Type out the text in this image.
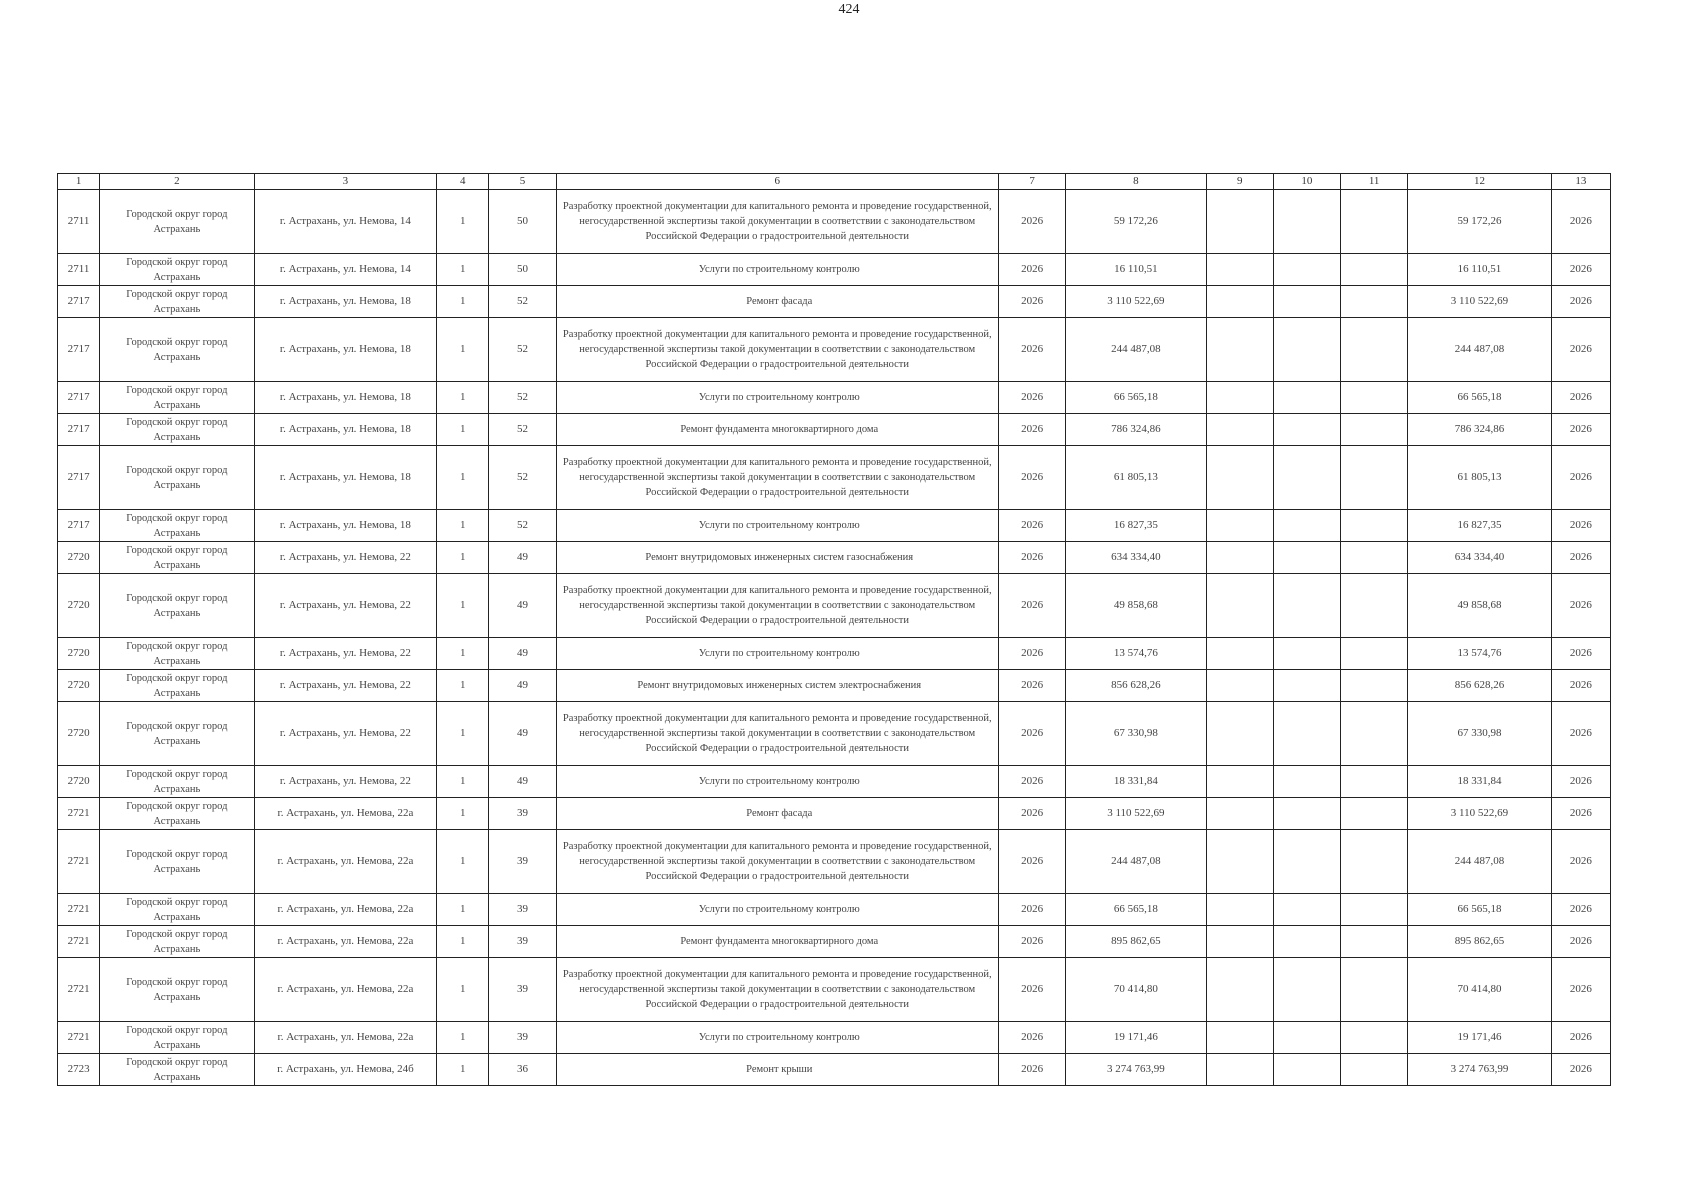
424
1	2	3	4	5	6	7	8	9	10	11	12	13
2711	Городской округ город Астрахань	г. Астрахань, ул. Немова, 14	1	50	Разработку проектной документации для капитального ремонта и проведение государственной, негосударственной экспертизы такой документации в соответствии с законодательством Российской Федерации о градостроительной деятельности	2026	59 172,26				59 172,26	2026
2711	Городской округ город Астрахань	г. Астрахань, ул. Немова, 14	1	50	Услуги по строительному контролю	2026	16 110,51				16 110,51	2026
2717	Городской округ город Астрахань	г. Астрахань, ул. Немова, 18	1	52	Ремонт фасада	2026	3 110 522,69				3 110 522,69	2026
2717	Городской округ город Астрахань	г. Астрахань, ул. Немова, 18	1	52	Разработку проектной документации для капитального ремонта и проведение государственной, негосударственной экспертизы такой документации в соответствии с законодательством Российской Федерации о градостроительной деятельности	2026	244 487,08				244 487,08	2026
2717	Городской округ город Астрахань	г. Астрахань, ул. Немова, 18	1	52	Услуги по строительному контролю	2026	66 565,18				66 565,18	2026
2717	Городской округ город Астрахань	г. Астрахань, ул. Немова, 18	1	52	Ремонт фундамента многоквартирного дома	2026	786 324,86				786 324,86	2026
2717	Городской округ город Астрахань	г. Астрахань, ул. Немова, 18	1	52	Разработку проектной документации для капитального ремонта и проведение государственной, негосударственной экспертизы такой документации в соответствии с законодательством Российской Федерации о градостроительной деятельности	2026	61 805,13				61 805,13	2026
2717	Городской округ город Астрахань	г. Астрахань, ул. Немова, 18	1	52	Услуги по строительному контролю	2026	16 827,35				16 827,35	2026
2720	Городской округ город Астрахань	г. Астрахань, ул. Немова, 22	1	49	Ремонт внутридомовых инженерных систем газоснабжения	2026	634 334,40				634 334,40	2026
2720	Городской округ город Астрахань	г. Астрахань, ул. Немова, 22	1	49	Разработку проектной документации для капитального ремонта и проведение государственной, негосударственной экспертизы такой документации в соответствии с законодательством Российской Федерации о градостроительной деятельности	2026	49 858,68				49 858,68	2026
2720	Городской округ город Астрахань	г. Астрахань, ул. Немова, 22	1	49	Услуги по строительному контролю	2026	13 574,76				13 574,76	2026
2720	Городской округ город Астрахань	г. Астрахань, ул. Немова, 22	1	49	Ремонт внутридомовых инженерных систем электроснабжения	2026	856 628,26				856 628,26	2026
2720	Городской округ город Астрахань	г. Астрахань, ул. Немова, 22	1	49	Разработку проектной документации для капитального ремонта и проведение государственной, негосударственной экспертизы такой документации в соответствии с законодательством Российской Федерации о градостроительной деятельности	2026	67 330,98				67 330,98	2026
2720	Городской округ город Астрахань	г. Астрахань, ул. Немова, 22	1	49	Услуги по строительному контролю	2026	18 331,84				18 331,84	2026
2721	Городской округ город Астрахань	г. Астрахань, ул. Немова, 22а	1	39	Ремонт фасада	2026	3 110 522,69				3 110 522,69	2026
2721	Городской округ город Астрахань	г. Астрахань, ул. Немова, 22а	1	39	Разработку проектной документации для капитального ремонта и проведение государственной, негосударственной экспертизы такой документации в соответствии с законодательством Российской Федерации о градостроительной деятельности	2026	244 487,08				244 487,08	2026
2721	Городской округ город Астрахань	г. Астрахань, ул. Немова, 22а	1	39	Услуги по строительному контролю	2026	66 565,18				66 565,18	2026
2721	Городской округ город Астрахань	г. Астрахань, ул. Немова, 22а	1	39	Ремонт фундамента многоквартирного дома	2026	895 862,65				895 862,65	2026
2721	Городской округ город Астрахань	г. Астрахань, ул. Немова, 22а	1	39	Разработку проектной документации для капитального ремонта и проведение государственной, негосударственной экспертизы такой документации в соответствии с законодательством Российской Федерации о градостроительной деятельности	2026	70 414,80				70 414,80	2026
2721	Городской округ город Астрахань	г. Астрахань, ул. Немова, 22а	1	39	Услуги по строительному контролю	2026	19 171,46				19 171,46	2026
2723	Городской округ город Астрахань	г. Астрахань, ул. Немова, 24б	1	36	Ремонт крыши	2026	3 274 763,99				3 274 763,99	2026
